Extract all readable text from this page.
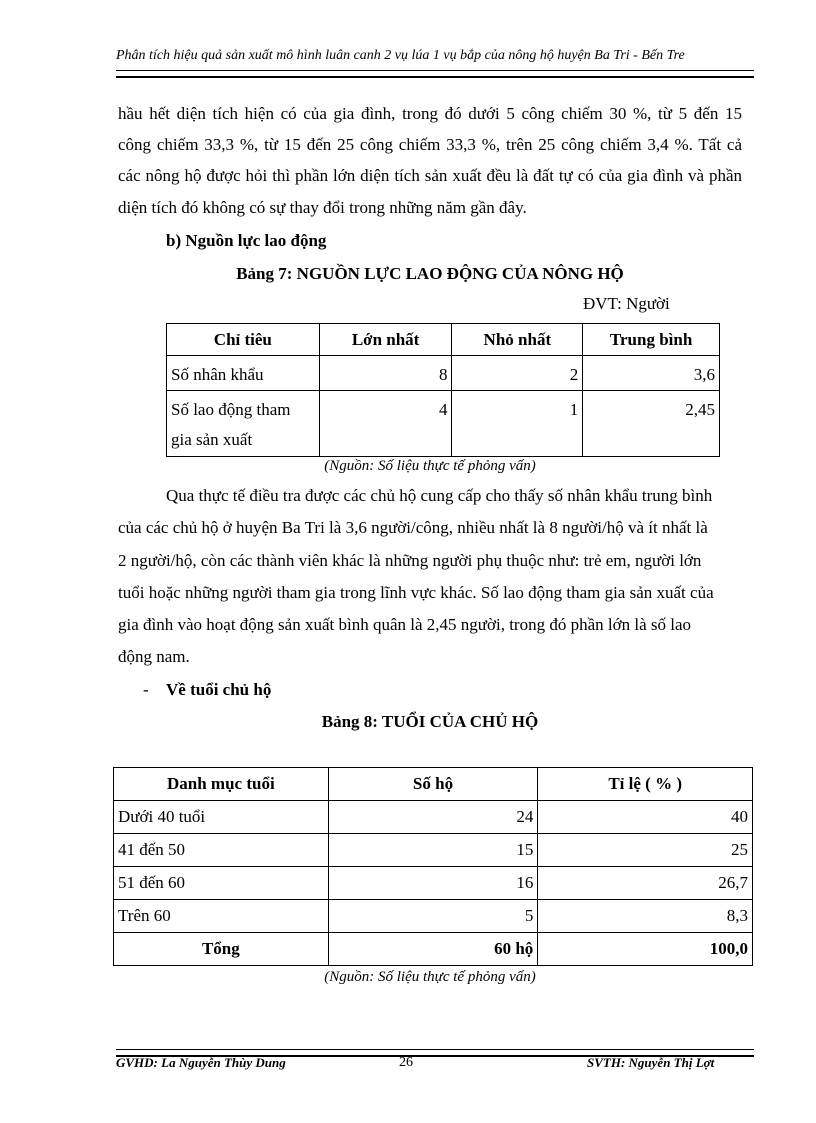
Phân tích hiệu quả sản xuất mô hình luân canh 2 vụ lúa 1 vụ bắp của nông hộ huyện Ba Tri - Bến Tre
hầu hết diện tích hiện có của gia đình, trong đó dưới 5 công chiếm 30 %, từ 5 đến 15
công chiếm 33,3 %, từ 15 đến 25 công chiếm 33,3 %, trên 25 công chiếm 3,4 %. Tất cả
các nông hộ được hỏi thì phần lớn diện tích sản xuất đều là đất tự có của gia đình và phần
diện tích đó không có sự thay đổi trong những năm gần đây.
b) Nguồn lực lao động
Bảng 7: NGUỒN LỰC LAO ĐỘNG CỦA NÔNG HỘ
ĐVT: Người
Chỉ tiêu	Lớn nhất	Nhỏ nhất	Trung bình
Số nhân khẩu	8	2	3,6
Số lao động tham gia sản xuất	4	1	2,45
(Nguồn: Số liệu thực tế phỏng vấn)
Qua thực tế điều tra được các chủ hộ cung cấp cho thấy số nhân khẩu trung bình
của các chủ hộ ở huyện Ba Tri là 3,6 người/công, nhiều nhất là 8 người/hộ và ít nhất là
2 người/hộ, còn các thành viên khác là những người phụ thuộc như: trẻ em, người lớn
tuổi hoặc những người tham gia trong lĩnh vực khác. Số lao động tham gia sản xuất của
gia đình vào hoạt động sản xuất bình quân là 2,45 người, trong đó phần lớn là số lao
động nam.
- Về tuổi chủ hộ
Bảng 8: TUỔI CỦA CHỦ HỘ
Danh mục tuổi	Số hộ	Tỉ lệ ( % )
Dưới 40 tuổi	24	40
41 đến 50	15	25
51 đến 60	16	26,7
Trên 60	5	8,3
Tổng	60 hộ	100,0
(Nguồn: Số liệu thực tế phỏng vấn)
GVHD: La Nguyễn Thùy Dung	26	SVTH: Nguyễn Thị Lợt
